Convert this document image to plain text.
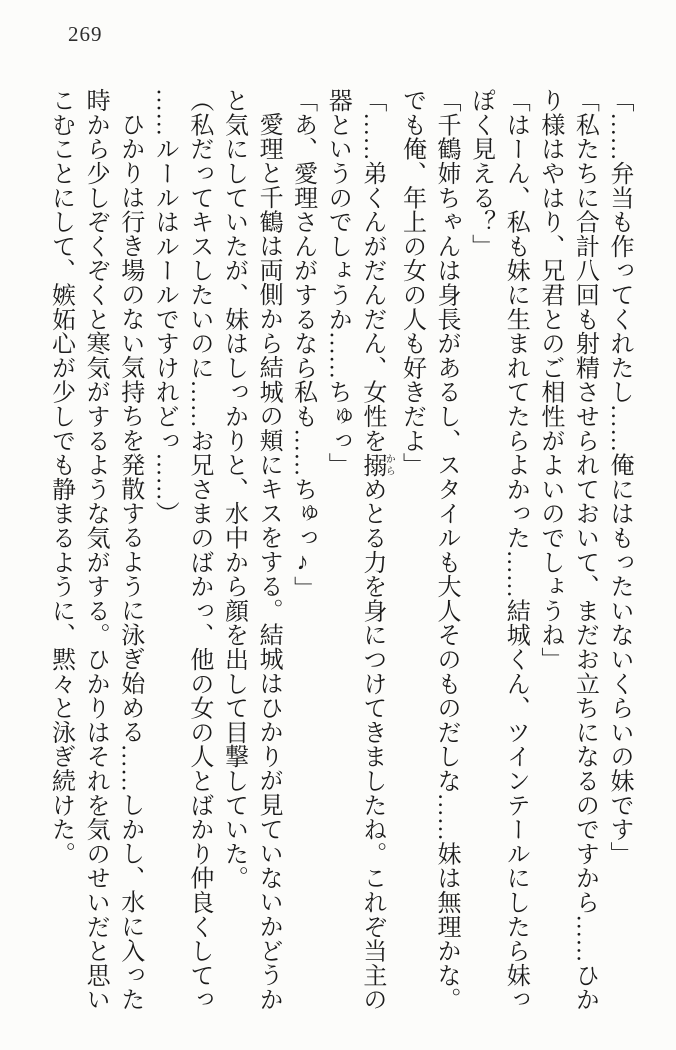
269
「……弁当も作ってくれたし……俺にはもったいないくらいの妹です」
「私たちに合計八回も射精させられておいて、まだお立ちになるのですから……ひか
り様はやはり、兄君とのご相性がよいのでしょうね」
「はーん、私も妹に生まれてたらよかった……結城くん、ツインテールにしたら妹っ
ぽく見える？」
「千鶴姉ちゃんは身長があるし、スタイルも大人そのものだしな……妹は無理かな。
でも俺、年上の女の人も好きだよ」
「……弟くんがだんだん、女性を搦からめとる力を身につけてきましたね。これぞ当主の
器というのでしょうか……ちゅっ」
「あ、愛理さんがするなら私も……ちゅっ♪」
愛理と千鶴は両側から結城の頬にキスをする。結城はひかりが見ていないかどうか
と気にしていたが、妹はしっかりと、水中から顔を出して目撃していた。
（私だってキスしたいのに……お兄さまのばかっ、他の女の人とばかり仲良くしてっ
……ルールはルールですけれどっ……）
ひかりは行き場のない気持ちを発散するように泳ぎ始める……しかし、水に入った
時から少しぞくぞくと寒気がするような気がする。ひかりはそれを気のせいだと思い
こむことにして、嫉妬心が少しでも静まるように、黙々と泳ぎ続けた。
